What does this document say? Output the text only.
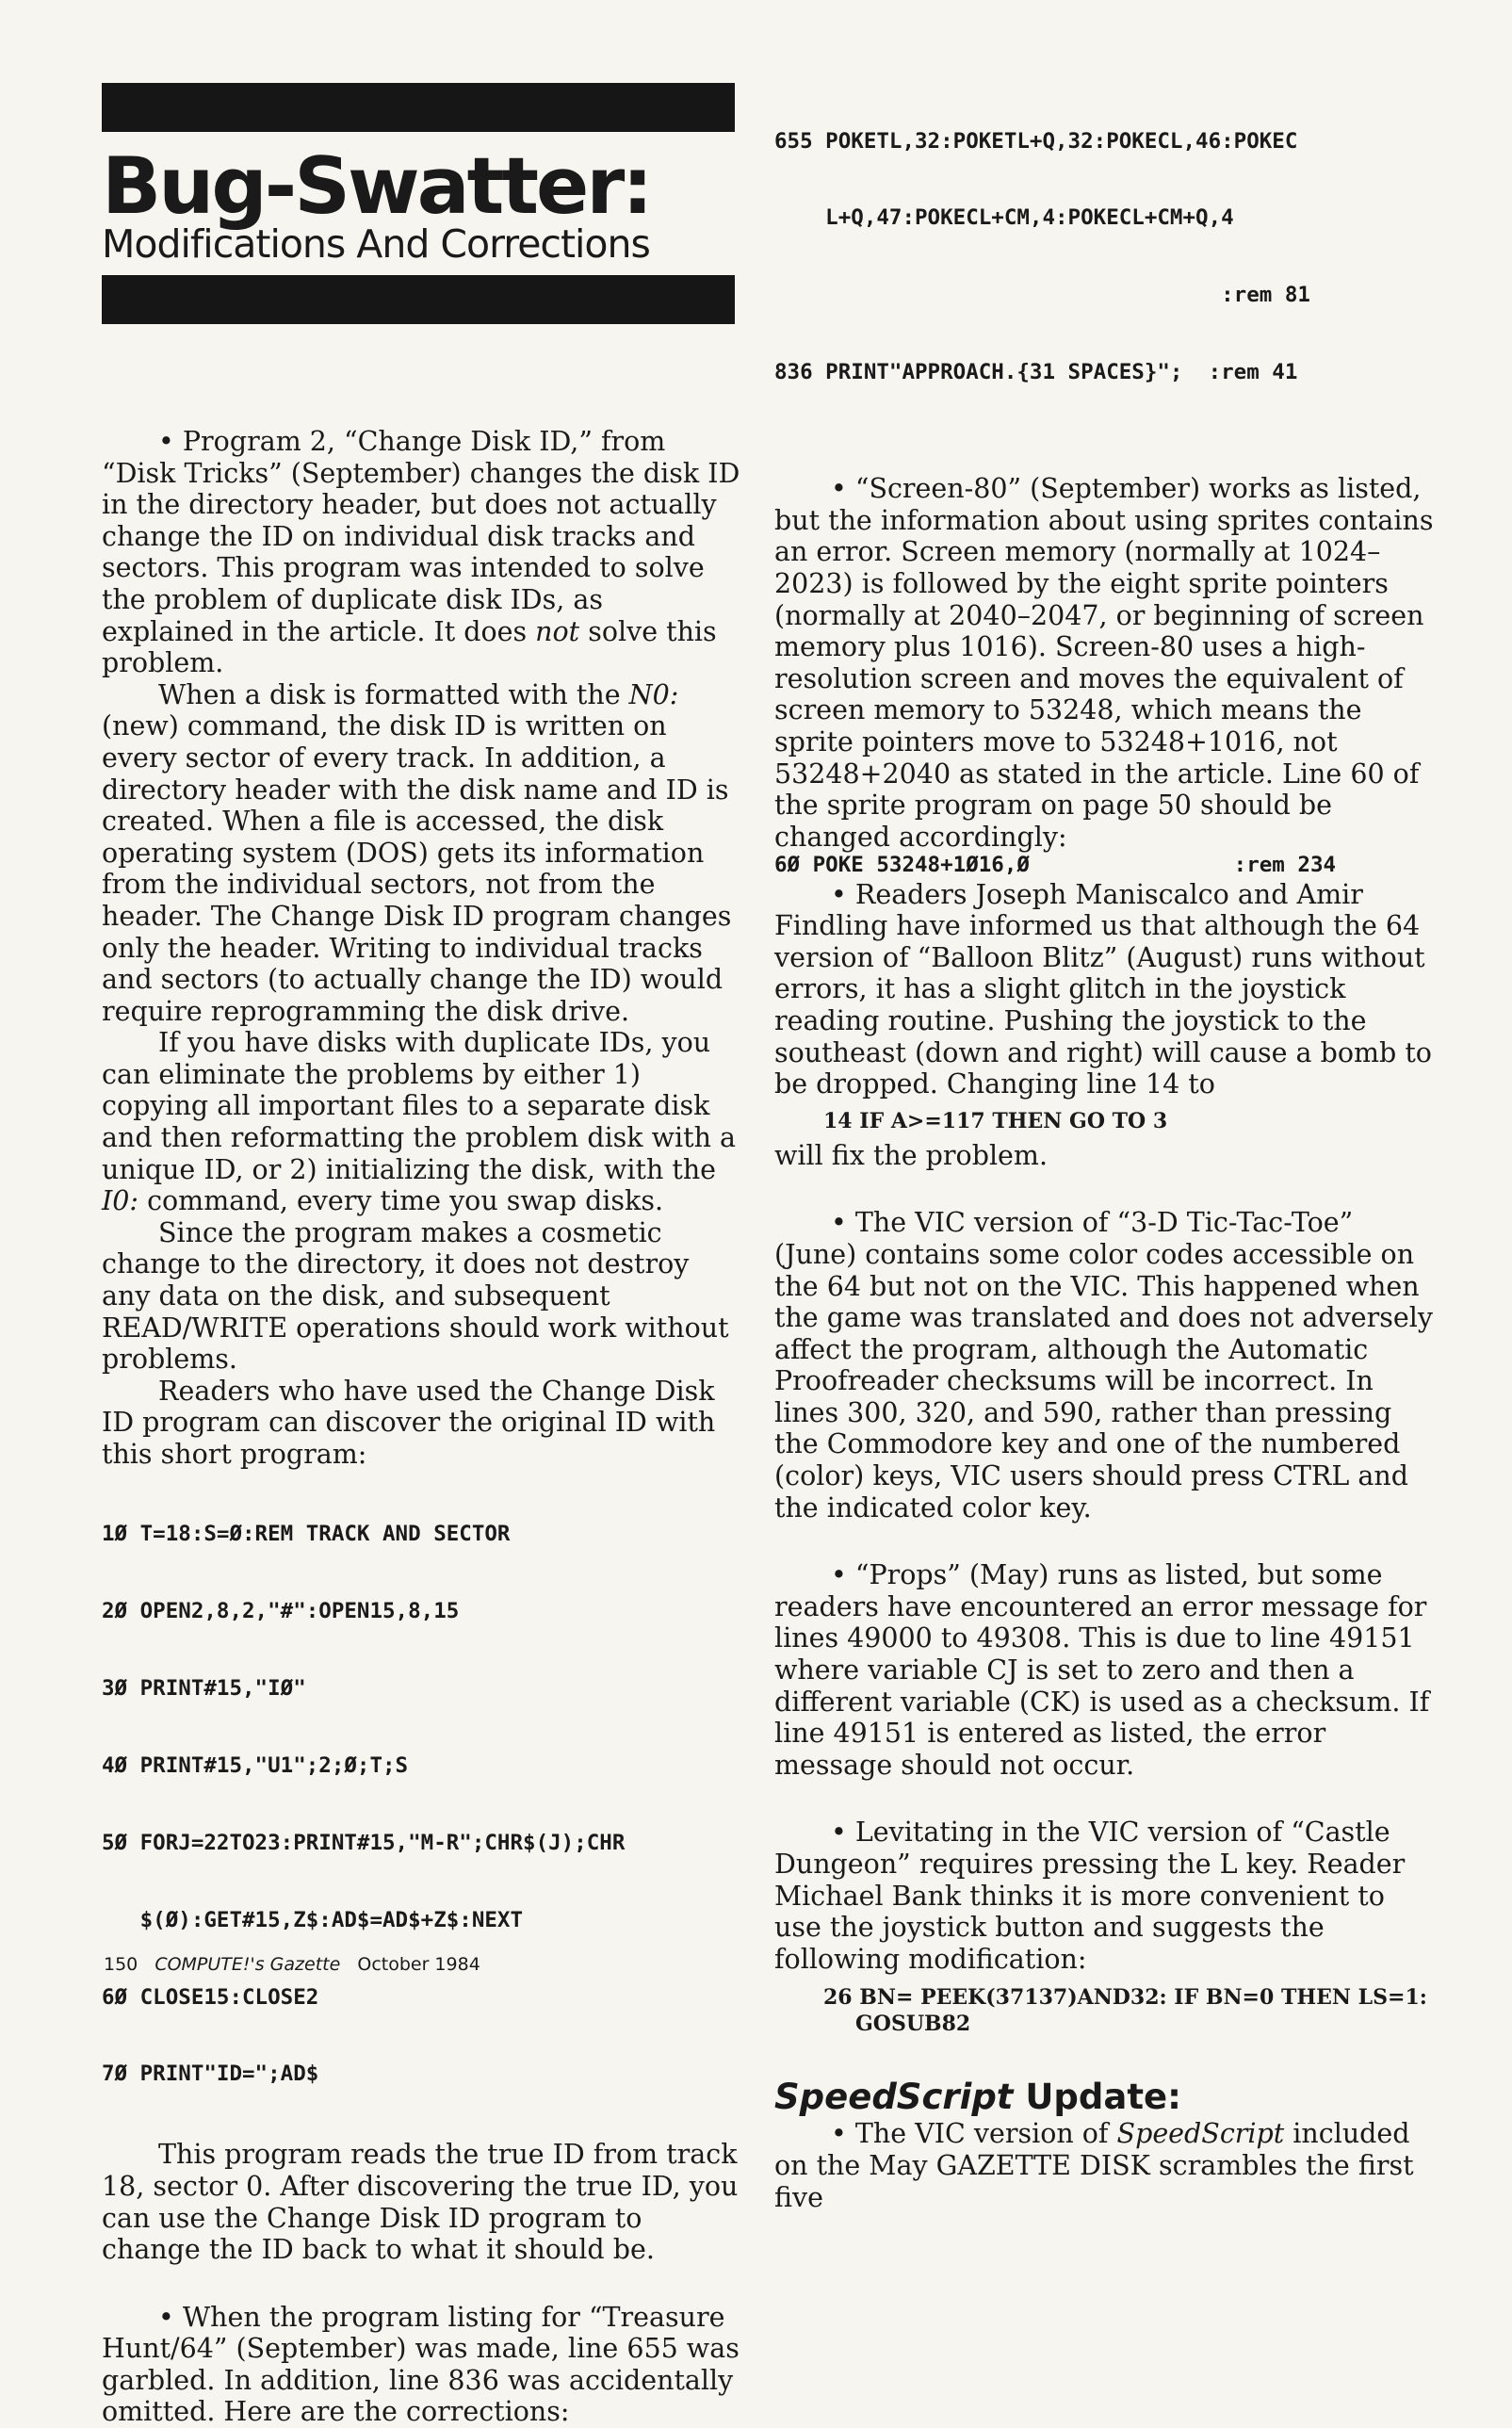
Bug-Swatter:
Modifications And Corrections

• Program 2, “Change Disk ID,” from “Disk Tricks” (September) changes the disk ID in the directory header, but does not actually change the ID on individual disk tracks and sectors. This program was intended to solve the problem of duplicate disk IDs, as explained in the article. It does not solve this problem.

When a disk is formatted with the N0: (new) command, the disk ID is written on every sector of every track. In addition, a directory header with the disk name and ID is created. When a file is accessed, the disk operating system (DOS) gets its information from the individual sectors, not from the header. The Change Disk ID program changes only the header. Writing to individual tracks and sectors (to actually change the ID) would require reprogramming the disk drive.

If you have disks with duplicate IDs, you can eliminate the problems by either 1) copying all important files to a separate disk and then reformatting the problem disk with a unique ID, or 2) initializing the disk, with the I0: command, every time you swap disks.

Since the program makes a cosmetic change to the directory, it does not destroy any data on the disk, and subsequent READ/WRITE operations should work without problems.

Readers who have used the Change Disk ID program can discover the original ID with this short program:

1Ø T=18:S=Ø:REM TRACK AND SECTOR

2Ø OPEN2,8,2,"#":OPEN15,8,15

3Ø PRINT#15,"IØ"

4Ø PRINT#15,"U1";2;Ø;T;S

5Ø FORJ=22TO23:PRINT#15,"M-R";CHR$(J);CHR

$(Ø):GET#15,Z$:AD$=AD$+Z$:NEXT

6Ø CLOSE15:CLOSE2

7Ø PRINT"ID=";AD$

This program reads the true ID from track 18, sector 0. After discovering the true ID, you can use the Change Disk ID program to change the ID back to what it should be.

• When the program listing for “Treasure Hunt/64” (September) was made, line 655 was garbled. In addition, line 836 was accidentally omitted. Here are the corrections:

655 POKETL,32:POKETL+Q,32:POKECL,46:POKEC

L+Q,47:POKECL+CM,4:POKECL+CM+Q,4

:rem 81

836 PRINT"APPROACH.{31 SPACES}";  :rem 41

• “Screen-80” (September) works as listed, but the information about using sprites contains an error. Screen memory (normally at 1024–2023) is followed by the eight sprite pointers (normally at 2040–2047, or beginning of screen memory plus 1016). Screen-80 uses a high-resolution screen and moves the equivalent of screen memory to 53248, which means the sprite pointers move to 53248+1016, not 53248+2040 as stated in the article. Line 60 of the sprite program on page 50 should be changed accordingly:

6Ø POKE 53248+1Ø16,Ø                :rem 234

• Readers Joseph Maniscalco and Amir Findling have informed us that although the 64 version of “Balloon Blitz” (August) runs without errors, it has a slight glitch in the joystick reading routine. Pushing the joystick to the southeast (down and right) will cause a bomb to be dropped. Changing line 14 to

14 IF A>=117 THEN GO TO 3

will fix the problem.

• The VIC version of “3-D Tic-Tac-Toe” (June) contains some color codes accessible on the 64 but not on the VIC. This happened when the game was translated and does not adversely affect the program, although the Automatic Proofreader checksums will be incorrect. In lines 300, 320, and 590, rather than pressing the Commodore key and one of the numbered (color) keys, VIC users should press CTRL and the indicated color key.

• “Props” (May) runs as listed, but some readers have encountered an error message for lines 49000 to 49308. This is due to line 49151 where variable CJ is set to zero and then a different variable (CK) is used as a checksum. If line 49151 is entered as listed, the error message should not occur.

• Levitating in the VIC version of “Castle Dungeon” requires pressing the L key. Reader Michael Bank thinks it is more convenient to use the joystick button and suggests the following modification:

26 BN= PEEK(37137)AND32: IF BN=0 THEN LS=1:
GOSUB82
SpeedScript Update:

• The VIC version of SpeedScript included on the May GAZETTE DISK scrambles the first five

150 COMPUTE!'s Gazette October 1984
